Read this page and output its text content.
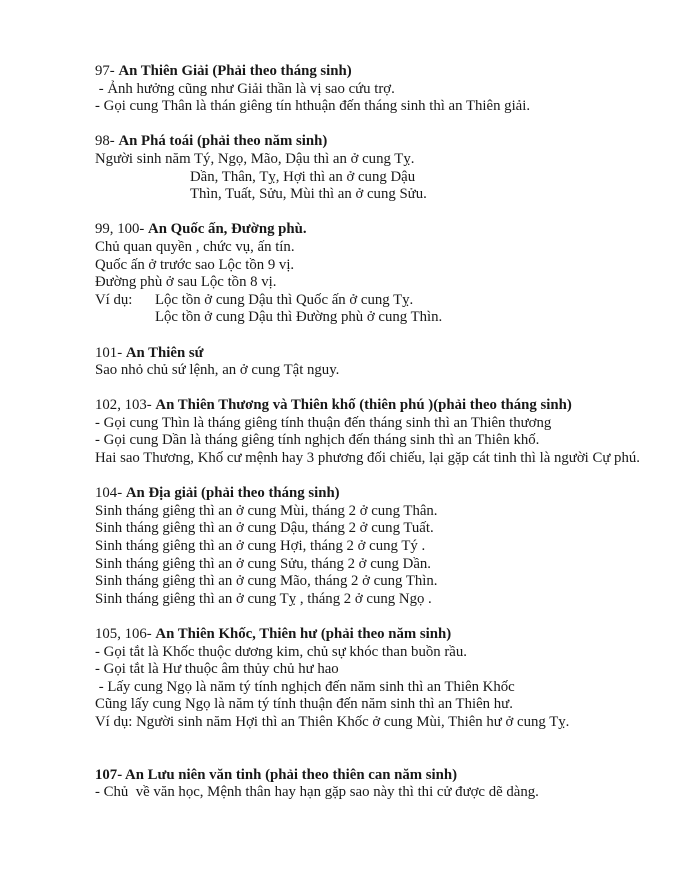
97- An Thiên Giải (Phải theo tháng sinh)
- Ảnh hưởng cũng như Giải thần là vị sao cứu trợ.
- Gọi cung Thân là thán giêng tín hthuận đến tháng sinh thì an Thiên giải.
98- An Phá toái (phải theo năm sinh)
Người sinh năm Tý, Ngọ, Mão, Dậu thì an ở cung Tỵ.
Dần, Thân, Tỵ, Hợi thì an ở cung Dậu
Thìn, Tuất, Sửu, Mùi thì an ở cung Sửu.
99, 100- An Quốc ấn, Đường phù.
Chủ quan quyền , chức vụ, ấn tín.
Quốc ấn ở trước sao Lộc tồn 9 vị.
Đường phù ở sau Lộc tồn 8 vị.
Ví dụ: Lộc tồn ở cung Dậu thì Quốc ấn ở cung Tỵ.
Lộc tồn ở cung Dậu thì Đường phù ở cung Thìn.
101- An Thiên sứ
Sao nhỏ chủ sứ lệnh, an ở cung Tật nguy.
102, 103- An Thiên Thương và Thiên khố (thiên phú )(phải theo tháng sinh)
- Gọi cung Thìn là tháng giêng tính thuận đến tháng sinh thì an Thiên thương
- Gọi cung Dần là tháng giêng tính nghịch đến tháng sinh thì an Thiên khố.
Hai sao Thương, Khố cư mệnh hay 3 phương đối chiếu, lại gặp cát tinh thì là người Cự phú.
104- An Địa giải (phải theo tháng sinh)
Sinh tháng giêng thì an ở cung Mùi, tháng 2 ở cung Thân.
Sinh tháng giêng thì an ở cung Dậu, tháng 2 ở cung Tuất.
Sinh tháng giêng thì an ở cung Hợi, tháng 2 ở cung Tý .
Sinh tháng giêng thì an ở cung Sửu, tháng 2 ở cung Dần.
Sinh tháng giêng thì an ở cung Mão, tháng 2 ở cung Thìn.
Sinh tháng giêng thì an ở cung Tỵ , tháng 2 ở cung Ngọ .
105, 106- An Thiên Khốc, Thiên hư (phải theo năm sinh)
- Gọi tắt là Khốc thuộc dương kim, chủ sự khóc than buồn rầu.
- Gọi tắt là Hư thuộc âm thủy chủ hư hao
- Lấy cung Ngọ là năm tý tính nghịch đến năm sinh thì an Thiên Khốc
Cũng lấy cung Ngọ là năm tý tính thuận đến năm sinh thì an Thiên hư.
Ví dụ: Người sinh năm Hợi thì an Thiên Khốc ở cung Mùi, Thiên hư ở cung Tỵ.
107- An Lưu niên văn tinh (phải theo thiên can năm sinh)
- Chủ  về văn học, Mệnh thân hay hạn gặp sao này thì thi cử được dẽ dàng.
